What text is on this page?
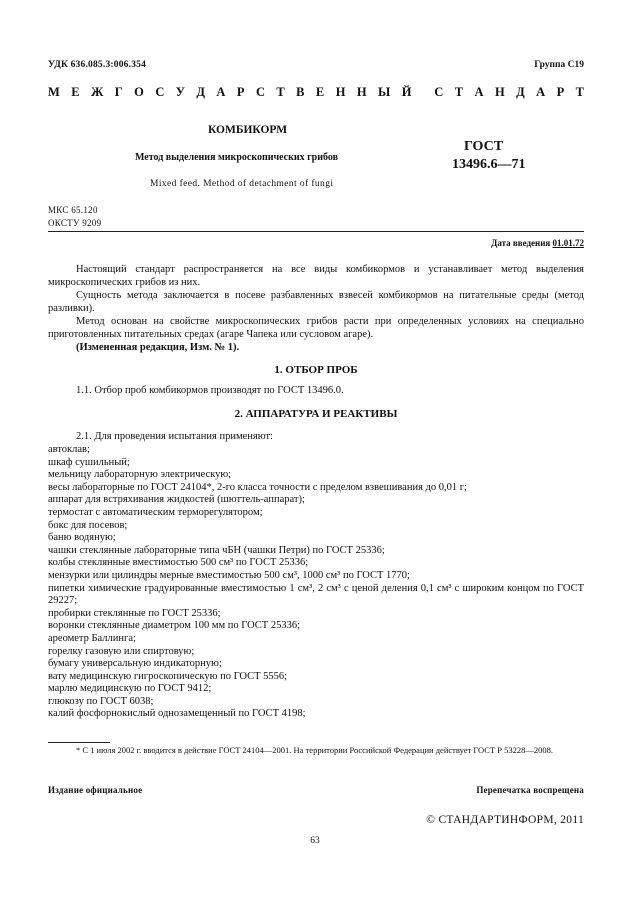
УДК 636.085.3:006.354	Группа С19
М Е Ж Г О С У Д А Р С Т В Е Н Н Ы Й С Т А Н Д А Р Т
КОМБИКОРМ
Метод выделения микроскопических грибов
Mixed feed. Method of detachment of fungi
ГОСТ
13496.6—71
МКС 65.120
ОКСТУ 9209
Дата введения 01.01.72
Настоящий стандарт распространяется на все виды комбикормов и устанавливает метод выделения микроскопических грибов из них.
Сущность метода заключается в посеве разбавленных взвесей комбикормов на питательные среды (метод разливки).
Метод основан на свойстве микроскопических грибов расти при определенных условиях на специально приготовленных питательных средах (агаре Чапека или сусловом агаре).
(Измененная редакция, Изм. № 1).
1. ОТБОР ПРОБ
1.1. Отбор проб комбикормов производят по ГОСТ 13496.0.
2. АППАРАТУРА И РЕАКТИВЫ
2.1. Для проведения испытания применяют:
автоклав;
шкаф сушильный;
мельницу лабораторную электрическую;
весы лабораторные по ГОСТ 24104*, 2-го класса точности с пределом взвешивания до 0,01 г;
аппарат для встряхивания жидкостей (шюттель-аппарат);
термостат с автоматическим терморегулятором;
бокс для посевов;
баню водяную;
чашки стеклянные лабораторные типа чБН (чашки Петри) по ГОСТ 25336;
колбы стеклянные вместимостью 500 см³ по ГОСТ 25336;
мензурки или цилиндры мерные вместимостью 500 см³, 1000 см³ по ГОСТ 1770;
пипетки химические градуированные вместимостью 1 см³, 2 см³ с ценой деления 0,1 см³ с широким концом по ГОСТ 29227;
пробирки стеклянные по ГОСТ 25336;
воронки стеклянные диаметром 100 мм по ГОСТ 25336;
ареометр Баллинга;
горелку газовую или спиртовую;
бумагу универсальную индикаторную;
вату медицинскую гигроскопическую по ГОСТ 5556;
марлю медицинскую по ГОСТ 9412;
глюкозу по ГОСТ 6038;
калий фосфорнокислый однозамещенный по ГОСТ 4198;
* С 1 июля 2002 г. вводится в действие ГОСТ 24104—2001. На территории Российской Федерации действует ГОСТ Р 53228—2008.
Издание официальное	Перепечатка воспрещена
© СТАНДАРТИНФОРМ, 2011
63
